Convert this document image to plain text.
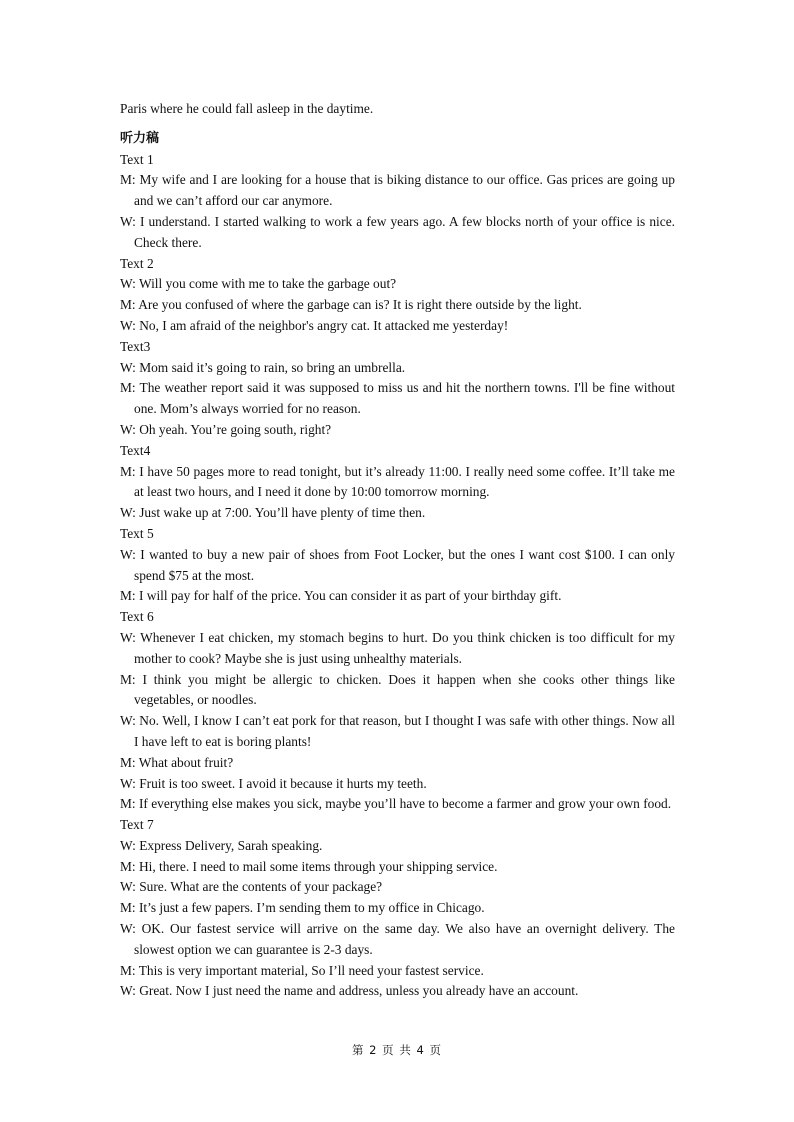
Paris where he could fall asleep in the daytime.

听力稿

Text 1

M: My wife and I are looking for a house that is biking distance to our office. Gas prices are going up and we can’t afford our car anymore.

W: I understand. I started walking to work a few years ago. A few blocks north of your office is nice. Check there.

Text 2

W: Will you come with me to take the garbage out?

M: Are you confused of where the garbage can is? It is right there outside by the light.

W: No, I am afraid of the neighbor's angry cat. It attacked me yesterday!

Text3

W: Mom said it’s going to rain, so bring an umbrella.

M: The weather report said it was supposed to miss us and hit the northern towns. I'll be fine without one. Mom’s always worried for no reason.

W: Oh yeah. You’re going south, right?

Text4

M: I have 50 pages more to read tonight, but it’s already 11:00. I really need some coffee. It’ll take me at least two hours, and I need it done by 10:00 tomorrow morning.

W: Just wake up at 7:00. You’ll have plenty of time then.

Text 5

W: I wanted to buy a new pair of shoes from Foot Locker, but the ones I want cost $100. I can only spend $75 at the most.

M: I will pay for half of the price. You can consider it as part of your birthday gift.

Text 6

W: Whenever I eat chicken, my stomach begins to hurt. Do you think chicken is too difficult for my mother to cook? Maybe she is just using unhealthy materials.

M: I think you might be allergic to chicken. Does it happen when she cooks other things like vegetables, or noodles.

W: No. Well, I know I can’t eat pork for that reason, but I thought I was safe with other things. Now all I have left to eat is boring plants!

M: What about fruit?

W: Fruit is too sweet. I avoid it because it hurts my teeth.

M: If everything else makes you sick, maybe you’ll have to become a farmer and grow your own food.

Text 7

W: Express Delivery, Sarah speaking.

M: Hi, there. I need to mail some items through your shipping service.

W: Sure. What are the contents of your package?

M: It’s just a few papers. I’m sending them to my office in Chicago.

W: OK. Our fastest service will arrive on the same day. We also have an overnight delivery. The slowest option we can guarantee is 2-3 days.

M: This is very important material, So I’ll need your fastest service.

W: Great. Now I just need the name and address, unless you already have an account.

第 2 页 共 4 页
